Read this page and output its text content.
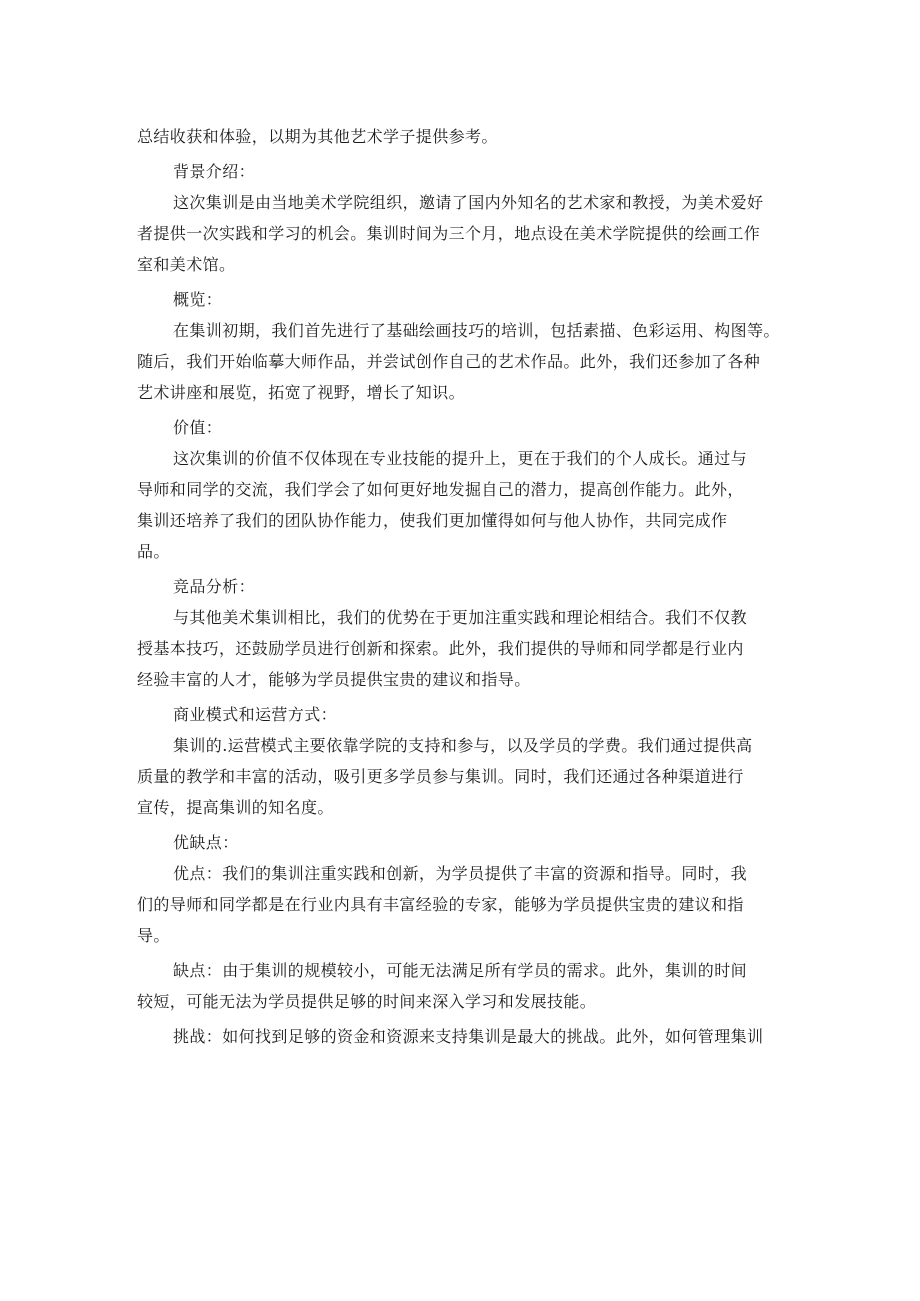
总结收获和体验，以期为其他艺术学子提供参考。
背景介绍：
这次集训是由当地美术学院组织，邀请了国内外知名的艺术家和教授，为美术爱好
者提供一次实践和学习的机会。集训时间为三个月，地点设在美术学院提供的绘画工作
室和美术馆。
概览：
在集训初期，我们首先进行了基础绘画技巧的培训，包括素描、色彩运用、构图等。
随后，我们开始临摹大师作品，并尝试创作自己的艺术作品。此外，我们还参加了各种
艺术讲座和展览，拓宽了视野，增长了知识。
价值：
这次集训的价值不仅体现在专业技能的提升上，更在于我们的个人成长。通过与
导师和同学的交流，我们学会了如何更好地发掘自己的潜力，提高创作能力。此外，
集训还培养了我们的团队协作能力，使我们更加懂得如何与他人协作，共同完成作
品。
竞品分析：
与其他美术集训相比，我们的优势在于更加注重实践和理论相结合。我们不仅教
授基本技巧，还鼓励学员进行创新和探索。此外，我们提供的导师和同学都是行业内
经验丰富的人才，能够为学员提供宝贵的建议和指导。
商业模式和运营方式：
集训的.运营模式主要依靠学院的支持和参与，以及学员的学费。我们通过提供高
质量的教学和丰富的活动，吸引更多学员参与集训。同时，我们还通过各种渠道进行
宣传，提高集训的知名度。
优缺点：
优点：我们的集训注重实践和创新，为学员提供了丰富的资源和指导。同时，我
们的导师和同学都是在行业内具有丰富经验的专家，能够为学员提供宝贵的建议和指
导。
缺点：由于集训的规模较小，可能无法满足所有学员的需求。此外，集训的时间
较短，可能无法为学员提供足够的时间来深入学习和发展技能。
挑战：如何找到足够的资金和资源来支持集训是最大的挑战。此外，如何管理集训
